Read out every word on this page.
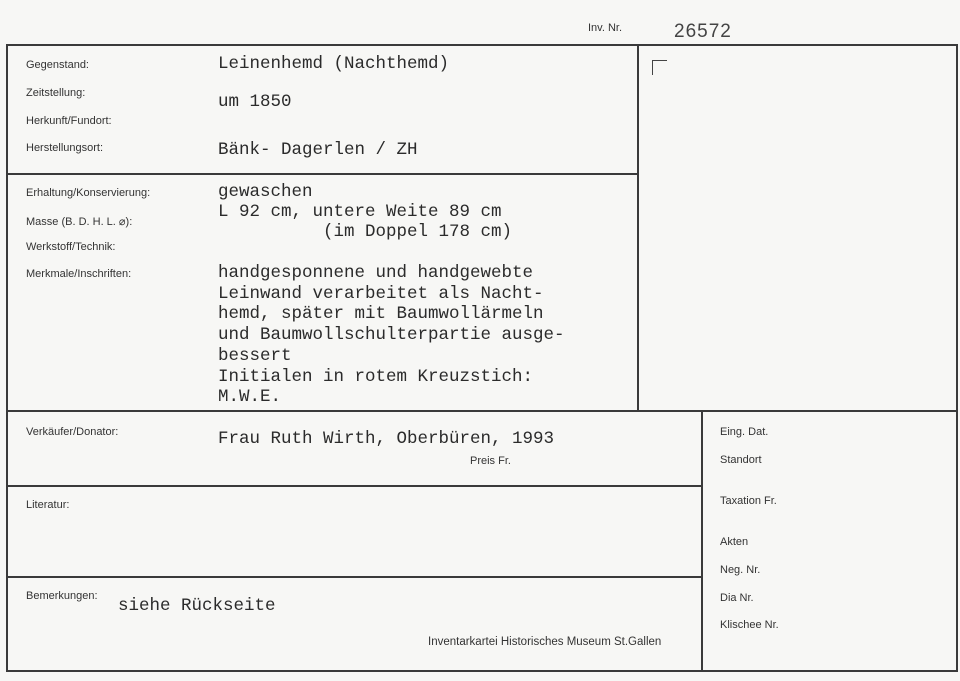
Inv. Nr.	26572
Gegenstand:
Zeitstellung:
Herkunft/Fundort:
Herstellungsort:
Leinenhemd (Nachthemd)
um 1850
Bänk- Dagerlen / ZH
Erhaltung/Konservierung:
Masse (B. D. H. L. ⌀):
Werkstoff/Technik:
Merkmale/Inschriften:
gewaschen
L 92 cm, untere Weite 89 cm
(im Doppel 178 cm)
handgesponnene und handgewebte
Leinwand verarbeitet als Nacht-
hemd, später mit Baumwollärmeln
und Baumwollschulterpartie ausge-
bessert
Initialen in rotem Kreuzstich:
M.W.E.
Verkäufer/Donator:	Frau Ruth Wirth, Oberbüren, 1993
Preis Fr.
Literatur:
Bemerkungen: siehe Rückseite
Inventarkartei Historisches Museum St.Gallen
Eing. Dat.
Standort
Taxation Fr.
Akten
Neg. Nr.
Dia Nr.
Klischee Nr.
